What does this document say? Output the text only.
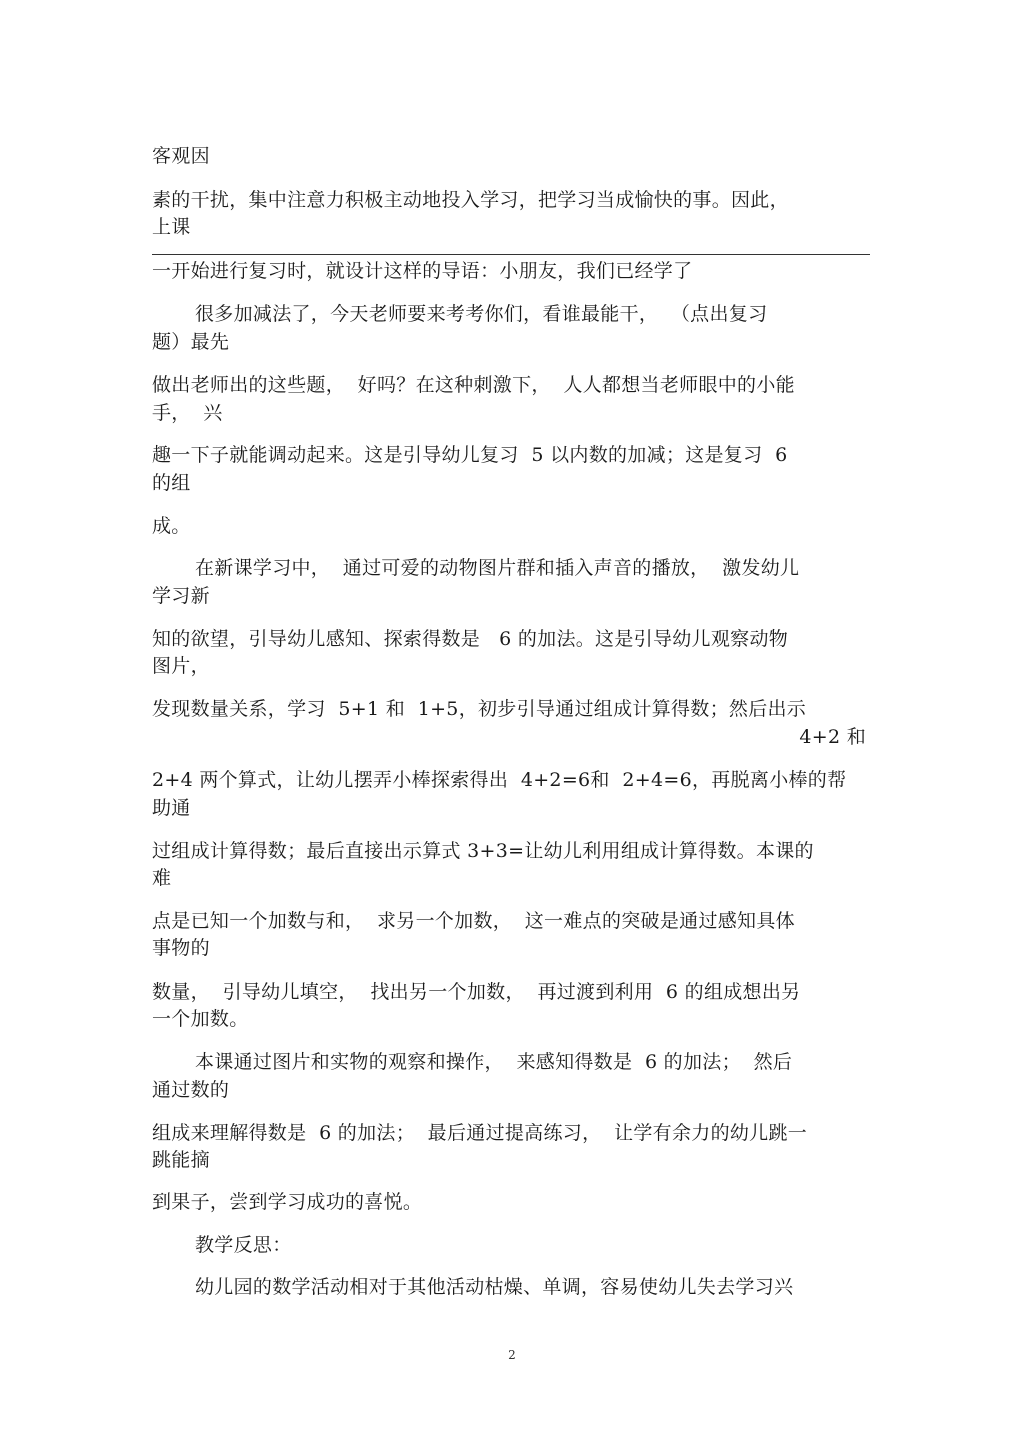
客观因
素的干扰，集中注意力积极主动地投入学习，把学习当成愉快的事。因此，
上课
一开始进行复习时，就设计这样的导语：小朋友，我们已经学了
很多加减法了，今天老师要来考考你们，看谁最能干，  （点出复习
题）最先
做出老师出的这些题，  好吗？在这种刺激下，  人人都想当老师眼中的小能
手，  兴
趣一下子就能调动起来。这是引导幼儿复习  5 以内数的加减；这是复习  6
的组
成。
在新课学习中，  通过可爱的动物图片群和插入声音的播放，  激发幼儿
学习新
知的欲望，引导幼儿感知、探索得数是   6 的加法。这是引导幼儿观察动物
图片，
发现数量关系，学习  5+1 和  1+5，初步引导通过组成计算得数；然后出示
4+2 和
2+4 两个算式，让幼儿摆弄小棒探索得出  4+2=6和  2+4=6，再脱离小棒的帮
助通
过组成计算得数；最后直接出示算式 3+3=让幼儿利用组成计算得数。本课的
难
点是已知一个加数与和，  求另一个加数，  这一难点的突破是通过感知具体
事物的
数量，  引导幼儿填空，  找出另一个加数，  再过渡到利用  6 的组成想出另
一个加数。
本课通过图片和实物的观察和操作，  来感知得数是  6 的加法；  然后
通过数的
组成来理解得数是  6 的加法；  最后通过提高练习，  让学有余力的幼儿跳一
跳能摘
到果子，尝到学习成功的喜悦。
教学反思：
幼儿园的数学活动相对于其他活动枯燥、单调，容易使幼儿失去学习兴
2
